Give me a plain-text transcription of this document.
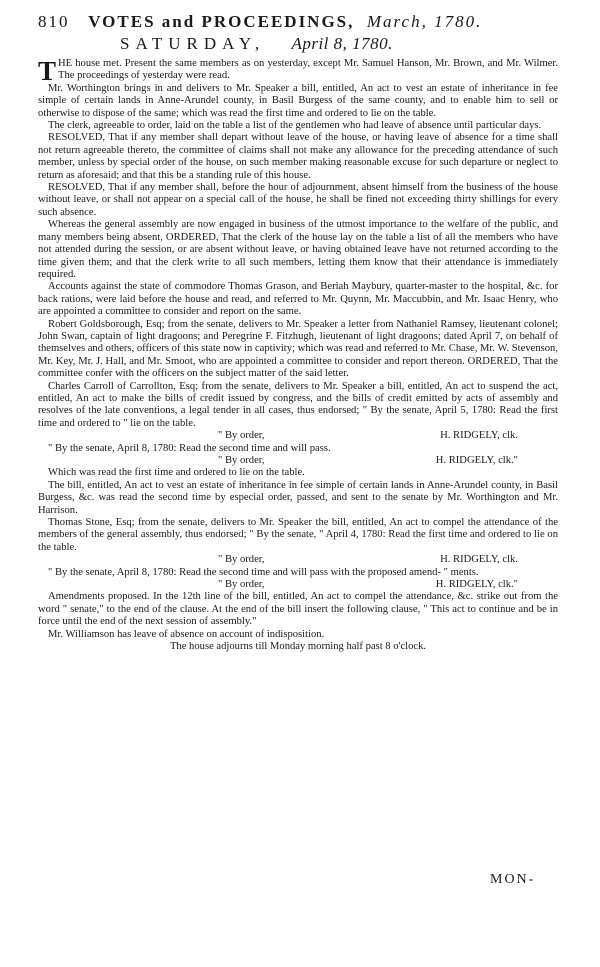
810 VOTES and PROCEEDINGS, March, 1780.
SATURDAY, April 8, 1780.

THE house met. Present the same members as on yesterday, except Mr. Samuel Hanson, Mr. Brown, and Mr. Wilmer. The proceedings of yesterday were read.

Mr. Worthington brings in and delivers to Mr. Speaker a bill, entitled, An act to vest an estate of inheritance in fee simple of certain lands in Anne-Arundel county, in Basil Burgess of the same county, and to enable him to sell or otherwise to dispose of the same; which was read the first time and ordered to lie on the table.

The clerk, agreeable to order, laid on the table a list of the gentlemen who had leave of absence until particular days.

RESOLVED, That if any member shall depart without leave of the house, or having leave of absence for a time shall not return agreeable thereto, the committee of claims shall not make any allowance for the preceding attendance of such member, unless by special order of the house, on such member making reasonable excuse for such departure or neglect to return as aforesaid; and that this be a standing rule of this house.

RESOLVED, That if any member shall, before the hour of adjournment, absent himself from the business of the house without leave, or shall not appear on a special call of the house, he shall be fined not exceeding thirty shillings for every such absence.

Whereas the general assembly are now engaged in business of the utmost importance to the welfare of the public, and many members being absent, ORDERED, That the clerk of the house lay on the table a list of all the members who have not attended during the session, or are absent without leave, or having obtained leave have not returned according to the time given them; and that the clerk write to all such members, letting them know that their attendance is immediately required.

Accounts against the state of commodore Thomas Grason, and Beriah Maybury, quarter-master to the hospital, &c. for back rations, were laid before the house and read, and referred to Mr. Quynn, Mr. Maccubbin, and Mr. Isaac Henry, who are appointed a committee to consider and report on the same.

Robert Goldsborough, Esq; from the senate, delivers to Mr. Speaker a letter from Nathaniel Ramsey, lieutenant colonel; John Swan, captain of light dragoons; and Peregrine F. Fitzhugh, lieutenant of light dragoons; dated April 7, on behalf of themselves and others, officers of this state now in captivity; which was read and referred to Mr. Chase, Mr. W. Stevenson, Mr. Key, Mr. J. Hall, and Mr. Smoot, who are appointed a committee to consider and report thereon. ORDERED, That the committee confer with the officers on the subject matter of the said letter.

Charles Carroll of Carrollton, Esq; from the senate, delivers to Mr. Speaker a bill, entitled, An act to suspend the act, entitled, An act to make the bills of credit issued by congress, and the bills of credit emitted by acts of assembly and resolves of the late conventions, a legal tender in all cases, thus endorsed; " By the senate, April 5, 1780: Read the first time and ordered to " lie on the table.

" By order,	H. RIDGELY, clk.

" By the senate, April 8, 1780: Read the second time and will pass.

" By order,	H. RIDGELY, clk."

Which was read the first time and ordered to lie on the table.

The bill, entitled, An act to vest an estate of inheritance in fee simple of certain lands in Anne-Arundel county, in Basil Burgess, &c. was read the second time by especial order, passed, and sent to the senate by Mr. Worthington and Mr. Harrison.

Thomas Stone, Esq; from the senate, delivers to Mr. Speaker the bill, entitled, An act to compel the attendance of the members of the general assembly, thus endorsed; " By the senate, " April 4, 1780: Read the first time and ordered to lie on the table.

" By order,	H. RIDGELY, clk.

" By the senate, April 8, 1780: Read the second time and will pass with the proposed amend- " ments.

" By order,	H. RIDGELY, clk."

Amendments proposed. In the 12th line of the bill, entitled, An act to compel the attendance, &c. strike out from the word " senate," to the end of the clause. At the end of the bill insert the following clause, " This act to continue and be in force until the end of the next session of assembly."

Mr. Williamson has leave of absence on account of indisposition.

The house adjourns till Monday morning half past 8 o'clock.

MON-
